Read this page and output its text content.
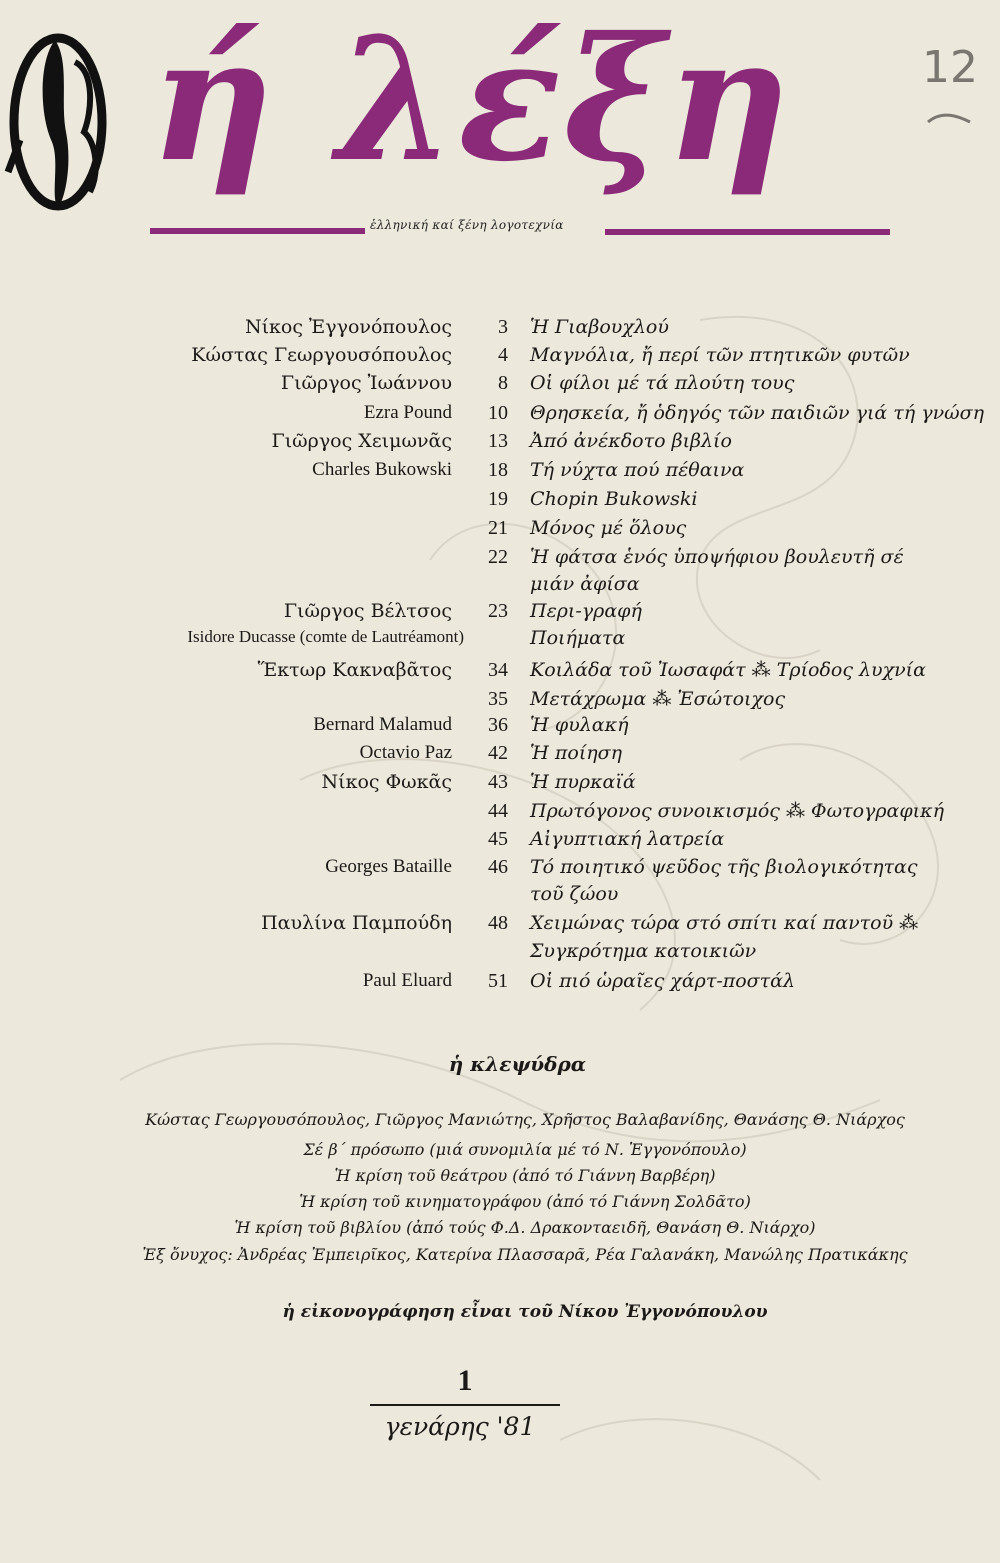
ή λέξη
ἑλληνική καί ξένη λογοτεχνία
12
Νίκος Ἐγγονόπουλος	3 Ἡ Γιαβουχλού
Κώστας Γεωργουσόπουλος	4 Μαγνόλια, ἤ περί τῶν πτητικῶν φυτῶν
Γιῶργος Ἰωάννου	8 Οἱ φίλοι μέ τά πλούτη τους
Ezra Pound	10 Θρησκεία, ἤ ὁδηγός τῶν παιδιῶν γιά τή γνώση
Γιῶργος Χειμωνᾶς	13 Ἀπό ἀνέκδοτο βιβλίο
Charles Bukowski	18 Τή νύχτα πού πέθαινα
19 Chopin Bukowski
21 Μόνος μέ ὅλους
22 Ἡ φάτσα ἑνός ὑποψήφιου βουλευτῆ σέ
μιάν ἀφίσα
Γιῶργος Βέλτσος	23 Περι-γραφή
Isidore Ducasse (comte de Lautréamont)	Ποιήματα
Ἕκτωρ Κακναβᾶτος	34 Κοιλάδα τοῦ Ἰωσαφάτ ⁂ Τρίοδος λυχνία
35 Μετάχρωμα ⁂ Ἐσώτοιχος
Bernard Malamud	36 Ἡ φυλακή
Octavio Paz	42 Ἡ ποίηση
Νίκος Φωκᾶς	43 Ἡ πυρκαϊά
44 Πρωτόγονος συνοικισμός ⁂ Φωτογραφική
45 Αἰγυπτιακή λατρεία
Georges Bataille	46 Τό ποιητικό ψεῦδος τῆς βιολογικότητας
τοῦ ζώου
Παυλίνα Παμπούδη	48 Χειμώνας τώρα στό σπίτι καί παντοῦ ⁂
Συγκρότημα κατοικιῶν
Paul Eluard	51 Οἱ πιό ὡραῖες χάρτ-ποστάλ
ἡ κλεψύδρα
Κώστας Γεωργουσόπουλος, Γιῶργος Μανιώτης, Χρῆστος Βαλαβανίδης, Θανάσης Θ. Νιάρχος
Σέ β΄ πρόσωπο (μιά συνομιλία μέ τό Ν. Ἐγγονόπουλο)
Ἡ κρίση τοῦ θεάτρου (ἀπό τό Γιάννη Βαρβέρη)
Ἡ κρίση τοῦ κινηματογράφου (ἀπό τό Γιάννη Σολδᾶτο)
Ἡ κρίση τοῦ βιβλίου (ἀπό τούς Φ.Δ. Δρακονταειδῆ, Θανάση Θ. Νιάρχο)
Ἐξ ὄνυχος: Ἀνδρέας Ἐμπειρῖκος, Κατερίνα Πλασσαρᾶ, Ρέα Γαλανάκη, Μανώλης Πρατικάκης
ἡ εἰκονογράφηση εἶναι τοῦ Νίκου Ἐγγονόπουλου
1
γενάρης '81
